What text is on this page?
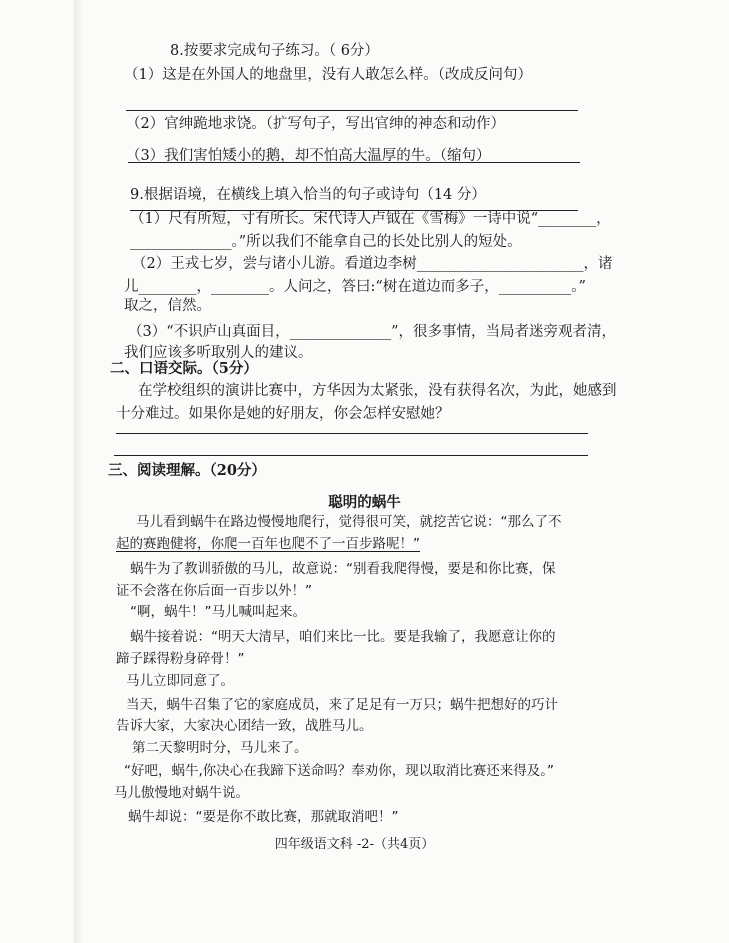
8.按要求完成句子练习。（ 6分）
（1）这是在外国人的地盘里，没有人敢怎么样。（改成反问句）
（2）官绅跪地求饶。（扩写句子，写出官绅的神态和动作）
（3）我们害怕矮小的鹅，却不怕高大温厚的牛。（缩句）
9.根据语境，在横线上填入恰当的句子或诗句（14 分）
（1）尺有所短，寸有所长。宋代诗人卢钺在《雪梅》一诗中说“________，
______________。”所以我们不能拿自己的长处比别人的短处。
（2）王戎七岁，尝与诸小儿游。看道边李树_______________________，诸
儿________，________。人问之，答曰:“树在道边而多子，__________。”
取之，信然。
（3）“不识庐山真面目，______________”，很多事情，当局者迷旁观者清，
我们应该多听取别人的建议。
二、口语交际。（5分）
在学校组织的演讲比赛中，方华因为太紧张，没有获得名次，为此，她感到
十分难过。如果你是她的好朋友，你会怎样安慰她？
三、阅读理解。（20分）
聪明的蜗牛
马儿看到蜗牛在路边慢慢地爬行，觉得很可笑，就挖苦它说：“那么了不
起的赛跑健将，你爬一百年也爬不了一百步路呢！”
蜗牛为了教训骄傲的马儿，故意说：“别看我爬得慢，要是和你比赛，保
证不会落在你后面一百步以外！”
“啊，蜗牛！”马儿喊叫起来。
蜗牛接着说：“明天大清早，咱们来比一比。要是我输了，我愿意让你的
蹄子踩得粉身碎骨！”
马儿立即同意了。
当天，蜗牛召集了它的家庭成员，来了足足有一万只；蜗牛把想好的巧计
告诉大家，大家决心团结一致，战胜马儿。
第二天黎明时分，马儿来了。
“好吧，蜗牛,你决心在我蹄下送命吗？奉劝你，现以取消比赛还来得及。”
马儿傲慢地对蜗牛说。
蜗牛却说：“要是你不敢比赛，那就取消吧！”
四年级语文科 -2-（共4页）
